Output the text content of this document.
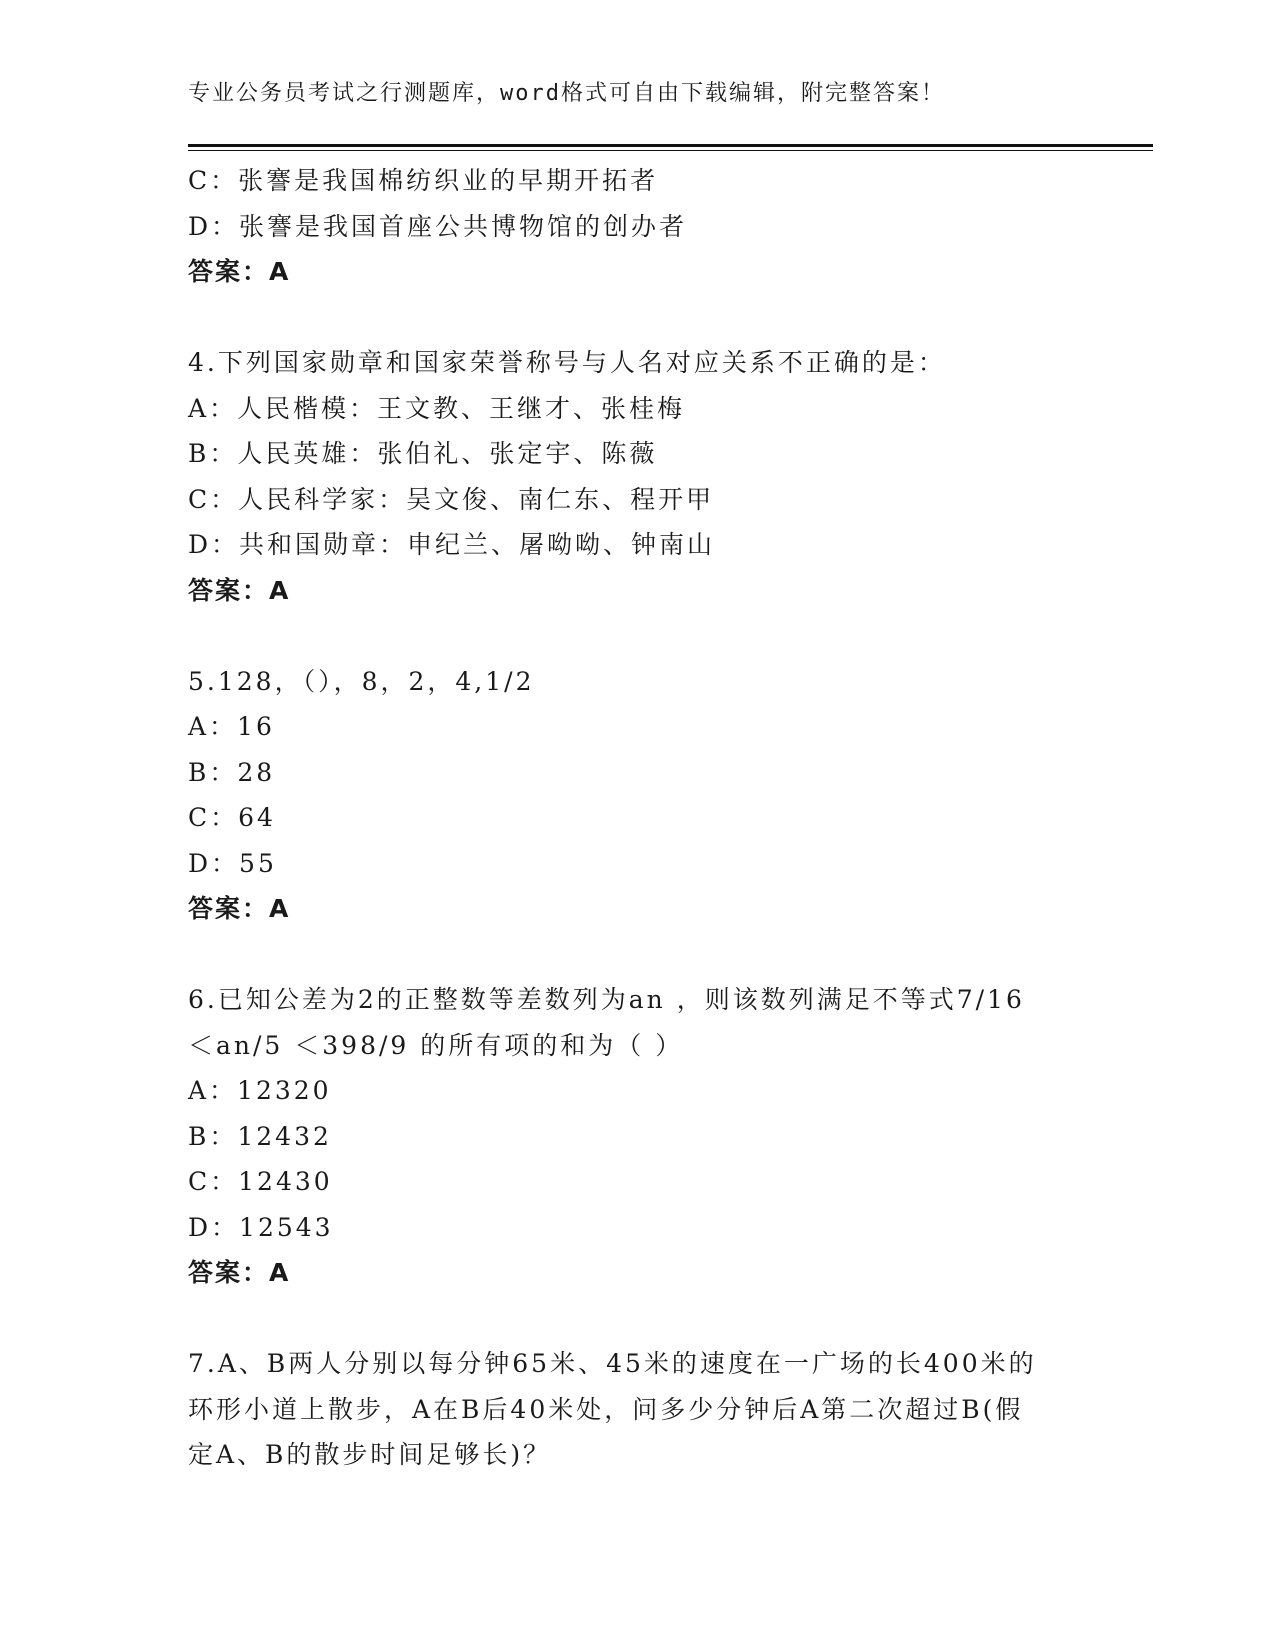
专业公务员考试之行测题库，word格式可自由下载编辑，附完整答案！
C：张謇是我国棉纺织业的早期开拓者
D：张謇是我国首座公共博物馆的创办者
答案：A
4.下列国家勋章和国家荣誉称号与人名对应关系不正确的是：
A：人民楷模：王文教、王继才、张桂梅
B：人民英雄：张伯礼、张定宇、陈薇
C：人民科学家：吴文俊、南仁东、程开甲
D：共和国勋章：申纪兰、屠呦呦、钟南山
答案：A
5.128，（），8，2，4,1/2
A：16
B：28
C：64
D：55
答案：A
6.已知公差为2的正整数等差数列为an ，则该数列满足不等式7/16
＜an/5 ＜398/9 的所有项的和为（ ）
A：12320
B：12432
C：12430
D：12543
答案：A
7.A、B两人分别以每分钟65米、45米的速度在一广场的长400米的
环形小道上散步，A在B后40米处，问多少分钟后A第二次超过B(假
定A、B的散步时间足够长)？
